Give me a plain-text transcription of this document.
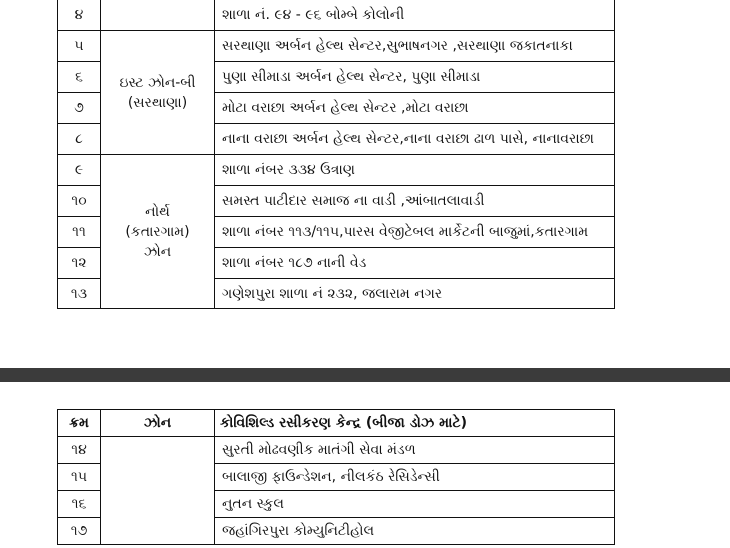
૪		શાળા નં. ૯૪ - ૯૬ બોમ્બે કોલોની
૫	ઇસ્ટ ઝોન-બી (સરથાણા)	સરથાણા અર્બન હેલ્થ સેન્ટર,સુભાષનગર ,સરથાણા જકાતનાકા
૬		પુણા સીમાડા અર્બન હેલ્થ સેન્ટર, પુણા સીમાડા
૭		મોટા વરાછા અર્બન હેલ્થ સેન્ટર ,મોટા વરાછા
૮		નાના વરાછા અર્બન હેલ્થ સેન્ટર,નાના વરાછા ઢાળ પાસે, નાનાવરાછા
૯	નોર્થ (કતારગામ) ઝોન	શાળા નંબર ૩૩૪ ઉત્રાણ
૧૦		સમસ્ત પાટીદાર સમાજ ના વાડી ,આંબાતલાવાડી
૧૧		શાળા નંબર ૧૧૩/૧૧૫,પારસ વેજીટેબલ માર્કેટની બાજુમાં,કતારગામ
૧૨		શાળા નંબર ૧૮૭ નાની વેડ
૧૩		ગણેશપુરા શાળા નં ૨૩૨, જલારામ નગર
ક્રમ	ઝોન	કોવિશિલ્ડ રસીકરણ કેન્દ્ર (બીજા ડોઝ માટે)
૧૪		સુરતી મોઢવણીક માતંગી સેવા મંડળ
૧૫		બાલાજી ફાઉન્ડેશન, નીલકંઠ રેસિડેન્સી
૧૬		નુતન સ્કુલ
૧૭		જહાંગિરપુરા કોમ્યુનિટીહોલ
